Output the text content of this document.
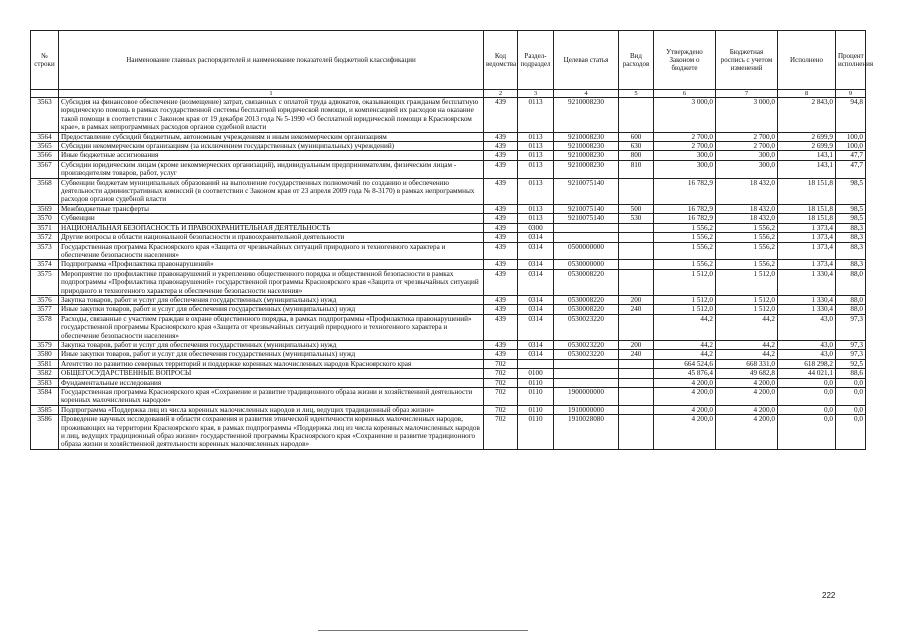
№ строки	Наименование главных распорядителей и наименование показателей бюджетной классификации	Код ведомства	Раздел-подраздел	Целевая статья	Вид расходов	Утверждено Законом о бюджете	Бюджетная роспись с учетом изменений	Исполнено	Процент исполнения
	1	2	3	4	5	6	7	8	9
3563	Субсидия на финансовое обеспечение (возмещение) затрат, связанных с оплатой труда адвокатов, оказывающих гражданам бесплатную юридическую помощь в рамках государственной системы бесплатной юридической помощи, и компенсацией их расходов на оказание такой помощи в соответствии с Законом края от 19 декабря 2013 года № 5-1990 «О бесплатной юридической помощи в Красноярском крае», в рамках непрограммных расходов органов судебной власти	439	0113	9210008230		3 000,0	3 000,0	2 843,0	94,8
3564	Предоставление субсидий бюджетным, автономным учреждениям и иным некоммерческим организациям	439	0113	9210008230	600	2 700,0	2 700,0	2 699,9	100,0
3565	Субсидии некоммерческим организациям (за исключением государственных (муниципальных) учреждений)	439	0113	9210008230	630	2 700,0	2 700,0	2 699,9	100,0
3566	Иные бюджетные ассигнования	439	0113	9210008230	800	300,0	300,0	143,1	47,7
3567	Субсидии юридическим лицам (кроме некоммерческих организаций), индивидуальным предпринимателям, физическим лицам - производителям товаров, работ, услуг	439	0113	9210008230	810	300,0	300,0	143,1	47,7
3568	Субвенции бюджетам муниципальных образований на выполнение государственных полномочий по созданию и обеспечению деятельности административных комиссий (в соответствии с Законом края от 23 апреля 2009 года № 8-3170) в рамках непрограммных расходов органов судебной власти	439	0113	9210075140		16 782,9	18 432,0	18 151,8	98,5
3569	Межбюджетные трансферты	439	0113	9210075140	500	16 782,9	18 432,0	18 151,8	98,5
3570	Субвенции	439	0113	9210075140	530	16 782,9	18 432,0	18 151,8	98,5
3571	НАЦИОНАЛЬНАЯ БЕЗОПАСНОСТЬ И ПРАВООХРАНИТЕЛЬНАЯ ДЕЯТЕЛЬНОСТЬ	439	0300			1 556,2	1 556,2	1 373,4	88,3
3572	Другие вопросы в области национальной безопасности и правоохранительной деятельности	439	0314			1 556,2	1 556,2	1 373,4	88,3
3573	Государственная программа Красноярского края «Защита от чрезвычайных ситуаций природного и техногенного характера и обеспечение безопасности населения»	439	0314	0500000000		1 556,2	1 556,2	1 373,4	88,3
3574	Подпрограмма «Профилактика правонарушений»	439	0314	0530000000		1 556,2	1 556,2	1 373,4	88,3
3575	Мероприятие по профилактике правонарушений и укреплению общественного порядка и общественной безопасности в рамках подпрограммы «Профилактика правонарушений» государственной программы Красноярского края «Защита от чрезвычайных ситуаций природного и техногенного характера и обеспечение безопасности населения»	439	0314	0530008220		1 512,0	1 512,0	1 330,4	88,0
3576	Закупка товаров, работ и услуг для обеспечения государственных (муниципальных) нужд	439	0314	0530008220	200	1 512,0	1 512,0	1 330,4	88,0
3577	Иные закупки товаров, работ и услуг для обеспечения государственных (муниципальных) нужд	439	0314	0530008220	240	1 512,0	1 512,0	1 330,4	88,0
3578	Расходы, связанные с участием граждан в охране общественного порядка, в рамках подпрограммы «Профилактика правонарушений» государственной программы Красноярского края «Защита от чрезвычайных ситуаций природного и техногенного характера и обеспечение безопасности населения»	439	0314	0530023220		44,2	44,2	43,0	97,3
3579	Закупка товаров, работ и услуг для обеспечения государственных (муниципальных) нужд	439	0314	0530023220	200	44,2	44,2	43,0	97,3
3580	Иные закупки товаров, работ и услуг для обеспечения государственных (муниципальных) нужд	439	0314	0530023220	240	44,2	44,2	43,0	97,3
3581	Агентство по развитию северных территорий и поддержке коренных малочисленных народов Красноярского края	702				664 524,6	668 331,0	618 298,2	92,5
3582	ОБЩЕГОСУДАРСТВЕННЫЕ ВОПРОСЫ	702	0100			45 876,4	49 682,8	44 021,1	88,6
3583	Фундаментальные исследования	702	0110			4 200,0	4 200,0	0,0	0,0
3584	Государственная программа Красноярского края «Сохранение и развитие традиционного образа жизни и хозяйственной деятельности коренных малочисленных народов»	702	0110	1900000000		4 200,0	4 200,0	0,0	0,0
3585	Подпрограмма «Поддержка лиц из числа коренных малочисленных народов и лиц, ведущих традиционный образ жизни»	702	0110	1910000000		4 200,0	4 200,0	0,0	0,0
3586	Проведение научных исследований в области сохранения и развития этнической идентичности коренных малочисленных народов, проживающих на территории Красноярского края, в рамках подпрограммы «Поддержка лиц из числа коренных малочисленных народов и лиц, ведущих традиционный образ жизни» государственной программы Красноярского края «Сохранение и развитие традиционного образа жизни и хозяйственной деятельности коренных малочисленных народов»	702	0110	1910028080		4 200,0	4 200,0	0,0	0,0
222
